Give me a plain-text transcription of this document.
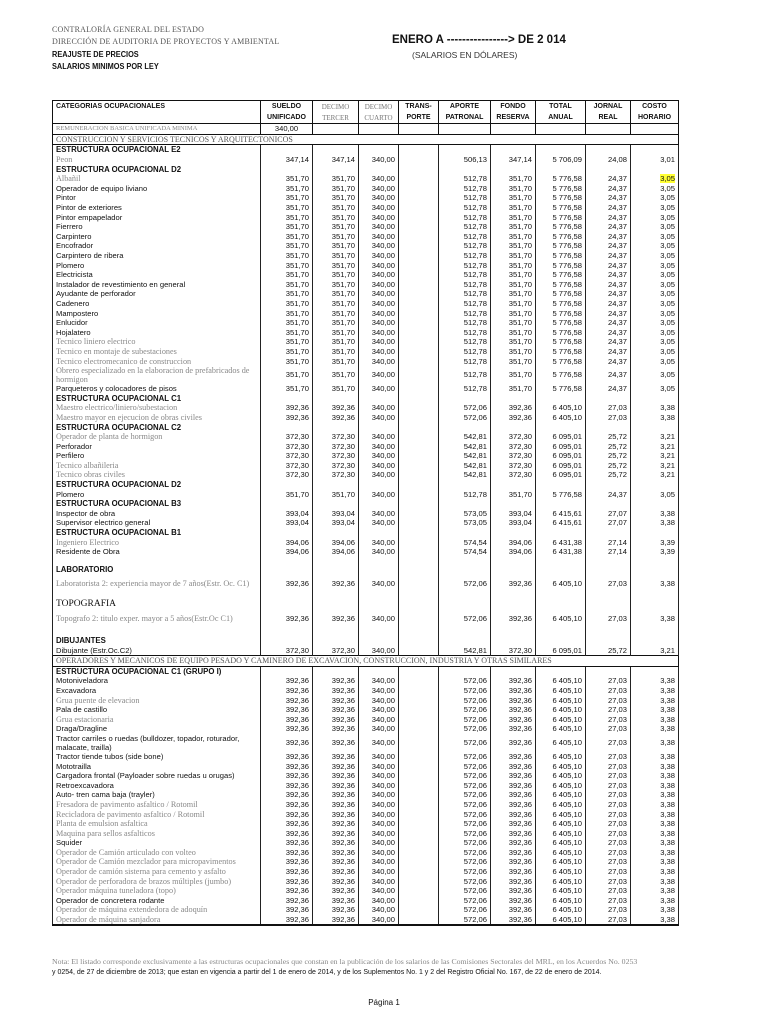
CONTRALORÍA GENERAL DEL ESTADO
DIRECCIÓN DE AUDITORIA DE PROYECTOS Y AMBIENTAL
REAJUSTE DE PRECIOS
SALARIOS MINIMOS POR LEY
ENERO A ----------------> DE 2 014
(SALARIOS EN DÓLARES)
CATEGORIAS OCUPACIONALES	SUELDO	DECIMO	DECIMO	TRANS-	APORTE	FONDO	TOTAL	JORNAL	COSTO
	UNIFICADO	TERCER	CUARTO	PORTE	PATRONAL	RESERVA	ANUAL	REAL	HORARIO
REMUNERACION BASICA UNIFICADA MINIMA	340,00								
CONSTRUCCION Y SERVICIOS TECNICOS Y ARQUITECTONICOS									
ESTRUCTURA OCUPACIONAL E2									
Peon	347,14	347,14	340,00		506,13	347,14	5 706,09	24,08	3,01
ESTRUCTURA OCUPACIONAL D2									
Albañil	351,70	351,70	340,00		512,78	351,70	5 776,58	24,37	3,05
Operador de equipo liviano	351,70	351,70	340,00		512,78	351,70	5 776,58	24,37	3,05
Pintor	351,70	351,70	340,00		512,78	351,70	5 776,58	24,37	3,05
Pintor de exteriores	351,70	351,70	340,00		512,78	351,70	5 776,58	24,37	3,05
Pintor empapelador	351,70	351,70	340,00		512,78	351,70	5 776,58	24,37	3,05
Fierrero	351,70	351,70	340,00		512,78	351,70	5 776,58	24,37	3,05
Carpintero	351,70	351,70	340,00		512,78	351,70	5 776,58	24,37	3,05
Encofrador	351,70	351,70	340,00		512,78	351,70	5 776,58	24,37	3,05
Carpintero de ribera	351,70	351,70	340,00		512,78	351,70	5 776,58	24,37	3,05
Plomero	351,70	351,70	340,00		512,78	351,70	5 776,58	24,37	3,05
Electricista	351,70	351,70	340,00		512,78	351,70	5 776,58	24,37	3,05
Instalador de revestimiento en general	351,70	351,70	340,00		512,78	351,70	5 776,58	24,37	3,05
Ayudante de perforador	351,70	351,70	340,00		512,78	351,70	5 776,58	24,37	3,05
Cadenero	351,70	351,70	340,00		512,78	351,70	5 776,58	24,37	3,05
Mampostero	351,70	351,70	340,00		512,78	351,70	5 776,58	24,37	3,05
Enlucidor	351,70	351,70	340,00		512,78	351,70	5 776,58	24,37	3,05
Hojalatero	351,70	351,70	340,00		512,78	351,70	5 776,58	24,37	3,05
Tecnico liniero electrico	351,70	351,70	340,00		512,78	351,70	5 776,58	24,37	3,05
Tecnico en montaje de subestaciones	351,70	351,70	340,00		512,78	351,70	5 776,58	24,37	3,05
Tecnico electromecanico de construccion	351,70	351,70	340,00		512,78	351,70	5 776,58	24,37	3,05
Obrero especializado en la elaboracion de prefabricados de hormigon	351,70	351,70	340,00		512,78	351,70	5 776,58	24,37	3,05
Parqueteros y colocadores de pisos	351,70	351,70	340,00		512,78	351,70	5 776,58	24,37	3,05
ESTRUCTURA OCUPACIONAL C1									
Maestro electrico/liniero/subestacion	392,36	392,36	340,00		572,06	392,36	6 405,10	27,03	3,38
Maestro mayor en ejecucion de obras civiles	392,36	392,36	340,00		572,06	392,36	6 405,10	27,03	3,38
ESTRUCTURA OCUPACIONAL C2									
Operador de planta de hormigon	372,30	372,30	340,00		542,81	372,30	6 095,01	25,72	3,21
Perforador	372,30	372,30	340,00		542,81	372,30	6 095,01	25,72	3,21
Perfilero	372,30	372,30	340,00		542,81	372,30	6 095,01	25,72	3,21
Tecnico albañileria	372,30	372,30	340,00		542,81	372,30	6 095,01	25,72	3,21
Tecnico obras civiles	372,30	372,30	340,00		542,81	372,30	6 095,01	25,72	3,21
ESTRUCTURA OCUPACIONAL D2									
Plomero	351,70	351,70	340,00		512,78	351,70	5 776,58	24,37	3,05
ESTRUCTURA OCUPACIONAL B3									
Inspector de obra	393,04	393,04	340,00		573,05	393,04	6 415,61	27,07	3,38
Supervisor electrico general	393,04	393,04	340,00		573,05	393,04	6 415,61	27,07	3,38
ESTRUCTURA OCUPACIONAL B1									
Ingeniero Electrico	394,06	394,06	340,00		574,54	394,06	6 431,38	27,14	3,39
Residente de Obra	394,06	394,06	340,00		574,54	394,06	6 431,38	27,14	3,39
LABORATORIO									
Laboratorista 2: experiencia mayor de 7 años(Estr. Oc. C1)	392,36	392,36	340,00		572,06	392,36	6 405,10	27,03	3,38
TOPOGRAFIA									
Topografo 2: titulo exper. mayor a 5 años(Estr.Oc C1)	392,36	392,36	340,00		572,06	392,36	6 405,10	27,03	3,38
DIBUJANTES									
Dibujante (Estr.Oc.C2)	372,30	372,30	340,00		542,81	372,30	6 095,01	25,72	3,21
OPERADORES Y MECANICOS DE EQUIPO PESADO Y CAMINERO DE EXCAVACION, CONSTRUCCION, INDUSTRIA Y OTRAS SIMILARES									
ESTRUCTURA OCUPACIONAL C1 (GRUPO I)									
Motoniveladora	392,36	392,36	340,00		572,06	392,36	6 405,10	27,03	3,38
Excavadora	392,36	392,36	340,00		572,06	392,36	6 405,10	27,03	3,38
Grua puente de elevacion	392,36	392,36	340,00		572,06	392,36	6 405,10	27,03	3,38
Pala de castillo	392,36	392,36	340,00		572,06	392,36	6 405,10	27,03	3,38
Grua estacionaria	392,36	392,36	340,00		572,06	392,36	6 405,10	27,03	3,38
Draga/Dragline	392,36	392,36	340,00		572,06	392,36	6 405,10	27,03	3,38
Tractor carriles o ruedas (bulldozer, topador, roturador, malacate, trailla)	392,36	392,36	340,00		572,06	392,36	6 405,10	27,03	3,38
Tractor tiende tubos (side bone)	392,36	392,36	340,00		572,06	392,36	6 405,10	27,03	3,38
Mototrailla	392,36	392,36	340,00		572,06	392,36	6 405,10	27,03	3,38
Cargadora frontal (Payloader sobre ruedas u orugas)	392,36	392,36	340,00		572,06	392,36	6 405,10	27,03	3,38
Retroexcavadora	392,36	392,36	340,00		572,06	392,36	6 405,10	27,03	3,38
Auto- tren cama baja (trayler)	392,36	392,36	340,00		572,06	392,36	6 405,10	27,03	3,38
Fresadora de pavimento asfaltico / Rotomil	392,36	392,36	340,00		572,06	392,36	6 405,10	27,03	3,38
Recicladora de pavimento asfaltico / Rotomil	392,36	392,36	340,00		572,06	392,36	6 405,10	27,03	3,38
Planta de emulsion asfaltica	392,36	392,36	340,00		572,06	392,36	6 405,10	27,03	3,38
Maquina para sellos asfalticos	392,36	392,36	340,00		572,06	392,36	6 405,10	27,03	3,38
Squider	392,36	392,36	340,00		572,06	392,36	6 405,10	27,03	3,38
Operador de Camión articulado con volteo	392,36	392,36	340,00		572,06	392,36	6 405,10	27,03	3,38
Operador de Camión mezclador para micropavimentos	392,36	392,36	340,00		572,06	392,36	6 405,10	27,03	3,38
Operador de camión sisterna para cemento y asfalto	392,36	392,36	340,00		572,06	392,36	6 405,10	27,03	3,38
Operador de perforadora de brazos múltiples (jumbo)	392,36	392,36	340,00		572,06	392,36	6 405,10	27,03	3,38
Operador máquina tuneladora (topo)	392,36	392,36	340,00		572,06	392,36	6 405,10	27,03	3,38
Operador de concretera rodante	392,36	392,36	340,00		572,06	392,36	6 405,10	27,03	3,38
Operador de máquina extendedora de adoquín	392,36	392,36	340,00		572,06	392,36	6 405,10	27,03	3,38
Operador de máquina sanjadora	392,36	392,36	340,00		572,06	392,36	6 405,10	27,03	3,38
Nota: El listado corresponde exclusivamente a las estructuras ocupacionales que constan en la publicación de los salarios de las Comisiones Sectorales del MRL, en los Acuerdos No. 0253
y 0254, de 27 de diciembre de 2013; que estan en vigencia a partir del 1 de enero de 2014, y de los Suplementos No. 1 y 2 del Registro Oficial No. 167, de 22 de enero de 2014.
Página 1
